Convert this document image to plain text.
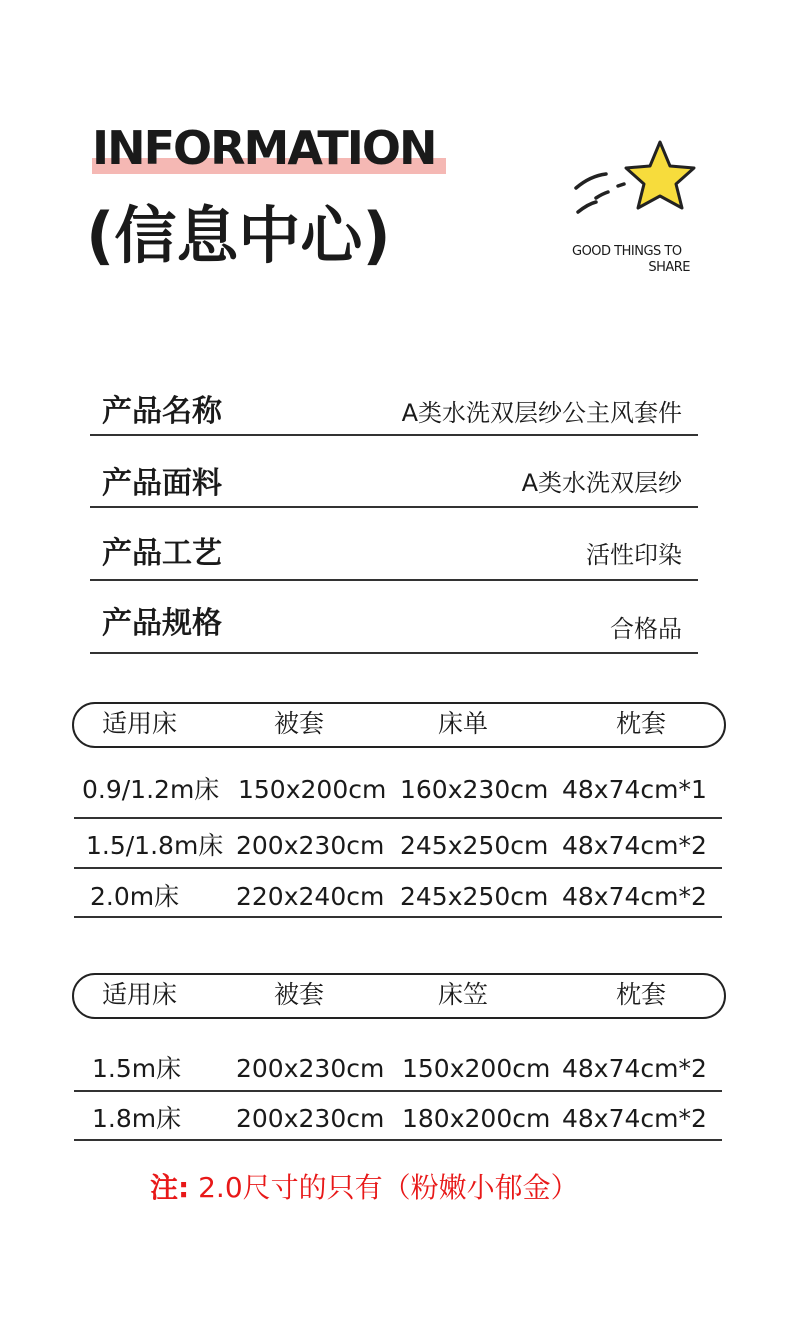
INFORMATION
(信息中心)	GOOD THINGS TO
SHARE
产品名称	A类水洗双层纱公主风套件
产品面料	A类水洗双层纱
产品工艺	活性印染
产品规格	合格品
适用床	被套	床单	枕套
0.9/1.2m床 150x200cm 160x230cm 48x74cm*1
1.5/1.8m床 200x230cm 245x250cm 48x74cm*2
2.0m床 220x240cm 245x250cm 48x74cm*2
适用床	被套	床笠	枕套
1.5m床 200x230cm 150x200cm 48x74cm*2
1.8m床 200x230cm 180x200cm 48x74cm*2
注: 2.0尺寸的只有（粉嫩小郁金）
